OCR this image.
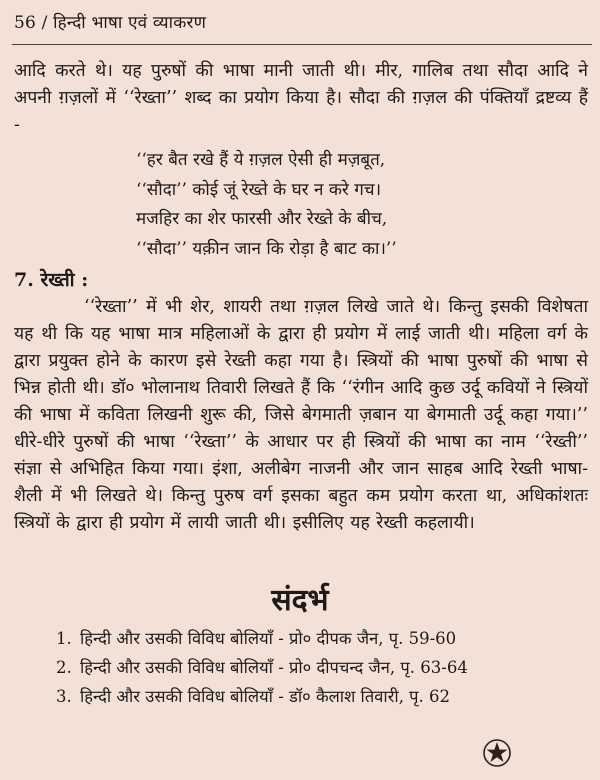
56 / हिन्दी भाषा एवं व्याकरण

आदि करते थे। यह पुरुषों की भाषा मानी जाती थी। मीर, गालिब तथा सौदा आदि ने अपनी ग़ज़लों में ‘‘रेख्ता’’ शब्द का प्रयोग किया है। सौदा की ग़ज़ल की पंक्तियाँ द्रष्टव्य हैं -

‘‘हर बैत रखे हैं ये ग़ज़ल ऐसी ही मज़बूत,
‘‘सौदा’’ कोई जूं रेख्ते के घर न करे गच।
मजहिर का शेर फारसी और रेख्ते के बीच,
‘‘सौदा’’ यक़ीन जान कि रोड़ा है बाट का।’’
7. रेख्ती :

‘‘रेख्ता’’ में भी शेर, शायरी तथा ग़ज़ल लिखे जाते थे। किन्तु इसकी विशेषता यह थी कि यह भाषा मात्र महिलाओं के द्वारा ही प्रयोग में लाई जाती थी। महिला वर्ग के द्वारा प्रयुक्त होने के कारण इसे रेख्ती कहा गया है। स्त्रियों की भाषा पुरुषों की भाषा से भिन्न होती थी। डॉ० भोलानाथ तिवारी लिखते हैं कि ‘‘रंगीन आदि कुछ उर्दू कवियों ने स्त्रियों की भाषा में कविता लिखनी शुरू की, जिसे बेगमाती ज़बान या बेगमाती उर्दू कहा गया।’’ धीरे-धीरे पुरुषों की भाषा ‘‘रेख्ता’’ के आधार पर ही स्त्रियों की भाषा का नाम ‘‘रेख्ती’’ संज्ञा से अभिहित किया गया। इंशा, अलीबेग नाजनी और जान साहब आदि रेख्ती भाषा-शैली में भी लिखते थे। किन्तु पुरुष वर्ग इसका बहुत कम प्रयोग करता था, अधिकांशतः स्त्रियों के द्वारा ही प्रयोग में लायी जाती थी। इसीलिए यह रेख्ती कहलायी।

संदर्भ
1. हिन्दी और उसकी विविध बोलियाँ - प्रो० दीपक जैन, पृ. 59-60
2. हिन्दी और उसकी विविध बोलियाँ - प्रो० दीपचन्द जैन, पृ. 63-64
3. हिन्दी और उसकी विविध बोलियाँ - डॉ० कैलाश तिवारी, पृ. 62
